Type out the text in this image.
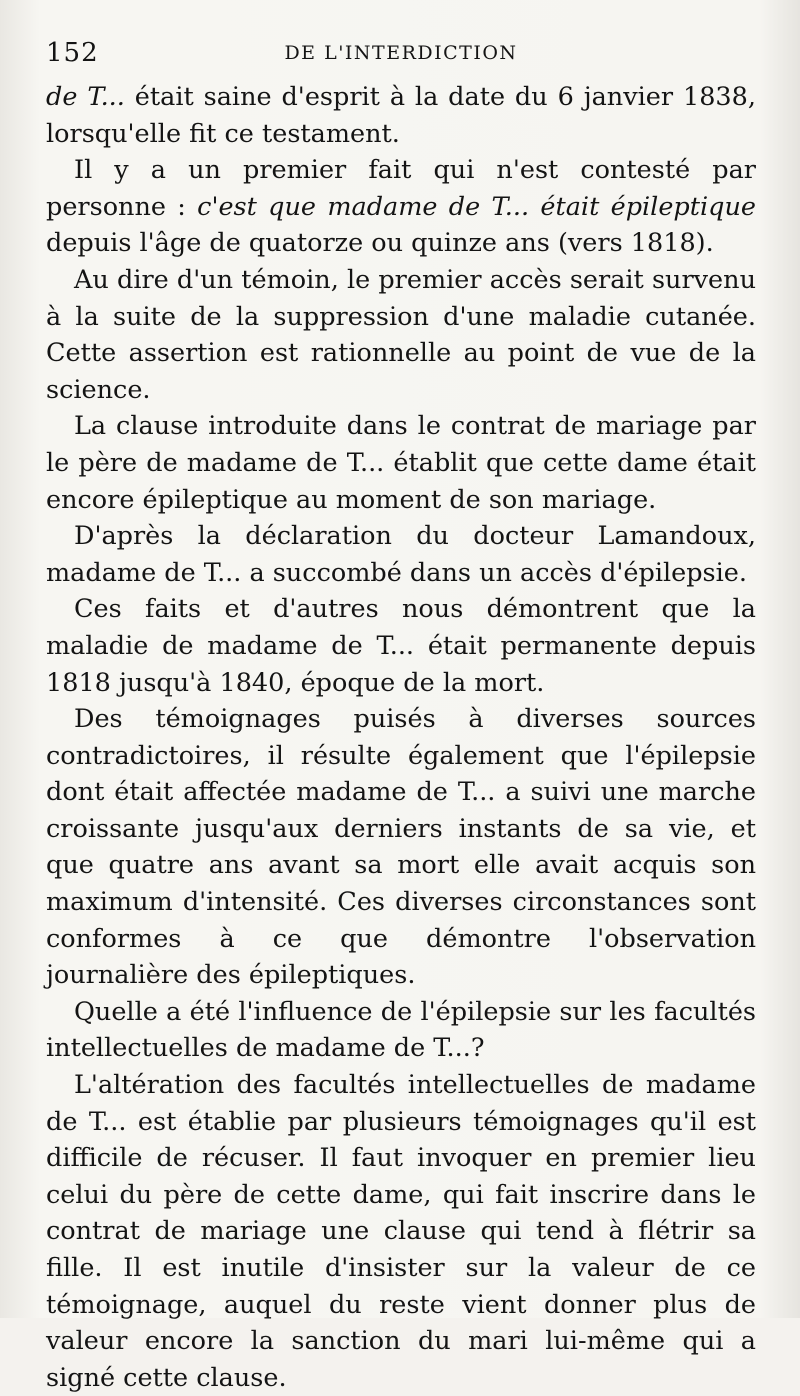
152	DE L'INTERDICTION

de T... était saine d'esprit à la date du 6 janvier 1838, lorsqu'elle fit ce testament.

Il y a un premier fait qui n'est contesté par personne : c'est que madame de T... était épileptique depuis l'âge de quatorze ou quinze ans (vers 1818).

Au dire d'un témoin, le premier accès serait survenu à la suite de la suppression d'une maladie cutanée. Cette assertion est rationnelle au point de vue de la science.

La clause introduite dans le contrat de mariage par le père de madame de T... établit que cette dame était encore épileptique au moment de son mariage.

D'après la déclaration du docteur Lamandoux, madame de T... a succombé dans un accès d'épilepsie.

Ces faits et d'autres nous démontrent que la maladie de madame de T... était permanente depuis 1818 jusqu'à 1840, époque de la mort.

Des témoignages puisés à diverses sources contradictoires, il résulte également que l'épilepsie dont était affectée madame de T... a suivi une marche croissante jusqu'aux derniers instants de sa vie, et que quatre ans avant sa mort elle avait acquis son maximum d'intensité. Ces diverses circonstances sont conformes à ce que démontre l'observation journalière des épileptiques.

Quelle a été l'influence de l'épilepsie sur les facultés intellectuelles de madame de T...?

L'altération des facultés intellectuelles de madame de T... est établie par plusieurs témoignages qu'il est difficile de récuser. Il faut invoquer en premier lieu celui du père de cette dame, qui fait inscrire dans le contrat de mariage une clause qui tend à flétrir sa fille. Il est inutile d'insister sur la valeur de ce témoignage, auquel du reste vient donner plus de valeur encore la sanction du mari lui-même qui a signé cette clause.
